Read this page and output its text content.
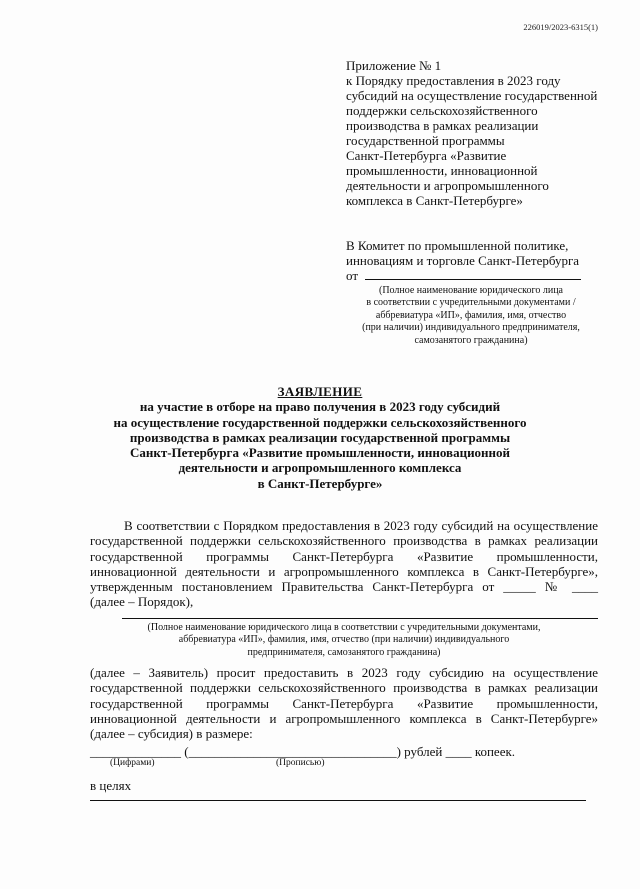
226019/2023-6315(1)

Приложение № 1

к Порядку предоставления в 2023 году

субсидий на осуществление государственной

поддержки сельскохозяйственного

производства в рамках реализации

государственной программы

Санкт-Петербурга «Развитие

промышленности, инновационной

деятельности и агропромышленного

комплекса в Санкт-Петербурге»

В Комитет по промышленной политике,

инновациям и торговле Санкт-Петербурга

от

(Полное наименование юридического лица

в соответствии с учредительными документами /

аббревиатура «ИП», фамилия, имя, отчество

(при наличии) индивидуального предпринимателя,

самозанятого гражданина)

ЗАЯВЛЕНИЕ

на участие в отборе на право получения в 2023 году субсидий

на осуществление государственной поддержки сельскохозяйственного

производства в рамках реализации государственной программы

Санкт-Петербурга «Развитие промышленности, инновационной

деятельности и агропромышленного комплекса

в Санкт-Петербурге»

В соответствии с Порядком предоставления в 2023 году субсидий на осуществление

государственной поддержки сельскохозяйственного производства в рамках реализации

государственной программы Санкт-Петербурга «Развитие промышленности,

инновационной деятельности и агропромышленного комплекса в Санкт-Петербурге»,

утвержденным постановлением Правительства Санкт-Петербурга от _____ № ____

(далее – Порядок),

(Полное наименование юридического лица в соответствии с учредительными документами,

аббревиатура «ИП», фамилия, имя, отчество (при наличии) индивидуального

предпринимателя, самозанятого гражданина)

(далее – Заявитель) просит предоставить в 2023 году субсидию на осуществление

государственной поддержки сельскохозяйственного производства в рамках реализации

государственной программы Санкт-Петербурга «Развитие промышленности,

инновационной деятельности и агропромышленного комплекса в Санкт-Петербурге»

(далее – субсидия) в размере:

______________ (________________________________) рублей ____ копеек.
(Цифрами)	(Прописью)
в целях
